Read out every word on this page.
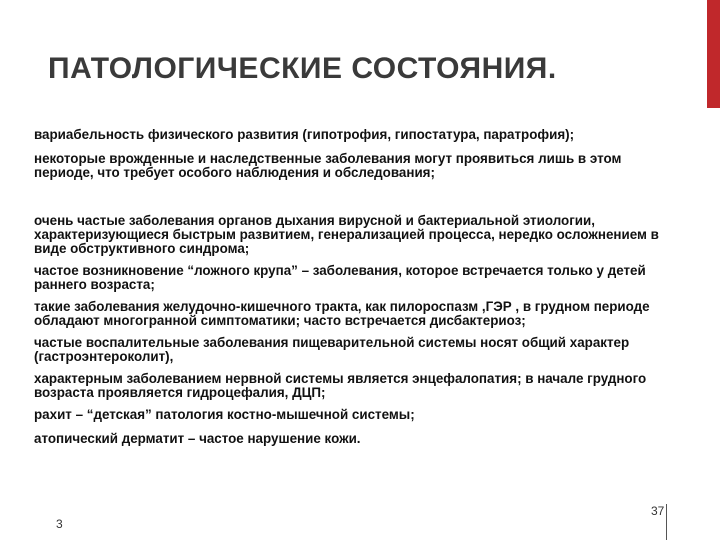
ПАТОЛОГИЧЕСКИЕ СОСТОЯНИЯ.

вариабельность физического развития (гипотрофия, гипостатура, паратрофия);

некоторые врожденные и наследственные заболевания могут проявиться лишь в этом периоде, что требует особого наблюдения и обследования;

очень частые заболевания органов дыхания вирусной и бактериальной этиологии, характеризующиеся быстрым развитием, генерализацией процесса, нередко осложнением в виде обструктивного синдрома;

частое возникновение “ложного крупа” – заболевания, которое встречается только у детей раннего возраста;

такие заболевания желудочно-кишечного тракта, как пилороспазм ,ГЭР , в грудном периоде обладают многогранной симптоматики; часто встречается дисбактериоз;

частые воспалительные заболевания пищеварительной системы носят общий характер (гастроэнтероколит),

характерным заболеванием нервной системы является энцефалопатия; в начале грудного возраста проявляется гидроцефалия, ДЦП;

рахит – “детская” патология костно-мышечной системы;

атопический дерматит – частое нарушение кожи.

3
37
